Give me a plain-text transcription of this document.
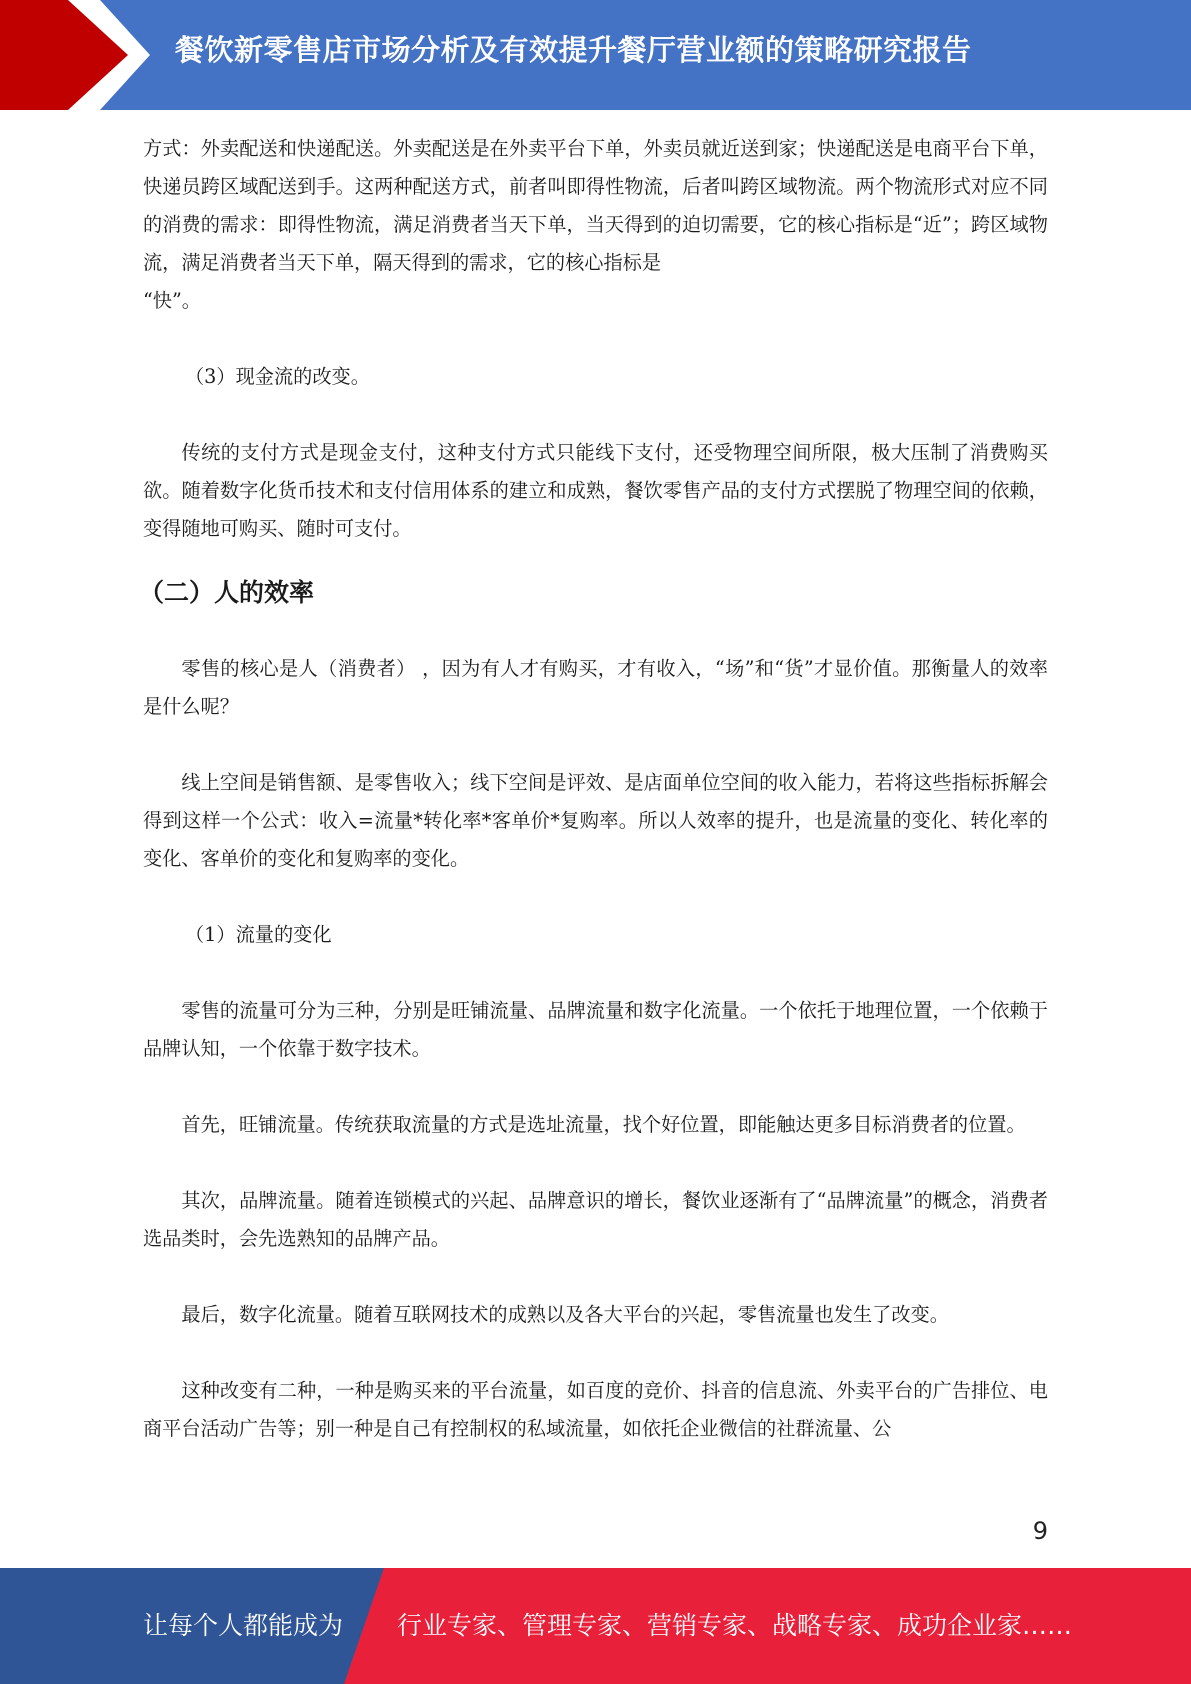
餐饮新零售店市场分析及有效提升餐厅营业额的策略研究报告

方式：外卖配送和快递配送。外卖配送是在外卖平台下单，外卖员就近送到家；快递配送是电商平台下单，快递员跨区域配送到手。这两种配送方式，前者叫即得性物流，后者叫跨区域物流。两个物流形式对应不同的消费的需求：即得性物流，满足消费者当天下单，当天得到的迫切需要，它的核心指标是“近”；跨区域物流，满足消费者当天下单，隔天得到的需求，它的核心指标是
“快”。

（3）现金流的改变。

传统的支付方式是现金支付，这种支付方式只能线下支付，还受物理空间所限，极大压制了消费购买欲。随着数字化货币技术和支付信用体系的建立和成熟，餐饮零售产品的支付方式摆脱了物理空间的依赖，变得随地可购买、随时可支付。

（二）人的效率

零售的核心是人（消费者） ，因为有人才有购买，才有收入，“场”和“货”才显价值。那衡量人的效率是什么呢？

线上空间是销售额、是零售收入；线下空间是评效、是店面单位空间的收入能力，若将这些指标拆解会得到这样一个公式：收入=流量*转化率*客单价*复购率。所以人效率的提升，也是流量的变化、转化率的变化、客单价的变化和复购率的变化。

（1）流量的变化

零售的流量可分为三种，分别是旺铺流量、品牌流量和数字化流量。一个依托于地理位置，一个依赖于品牌认知，一个依靠于数字技术。

首先，旺铺流量。传统获取流量的方式是选址流量，找个好位置，即能触达更多目标消费者的位置。

其次，品牌流量。随着连锁模式的兴起、品牌意识的增长，餐饮业逐渐有了“品牌流量”的概念，消费者选品类时，会先选熟知的品牌产品。

最后，数字化流量。随着互联网技术的成熟以及各大平台的兴起，零售流量也发生了改变。

这种改变有二种，一种是购买来的平台流量，如百度的竞价、抖音的信息流、外卖平台的广告排位、电商平台活动广告等；别一种是自己有控制权的私域流量，如依托企业微信的社群流量、公

9
让每个人都能成为 行业专家、管理专家、营销专家、战略专家、成功企业家……
